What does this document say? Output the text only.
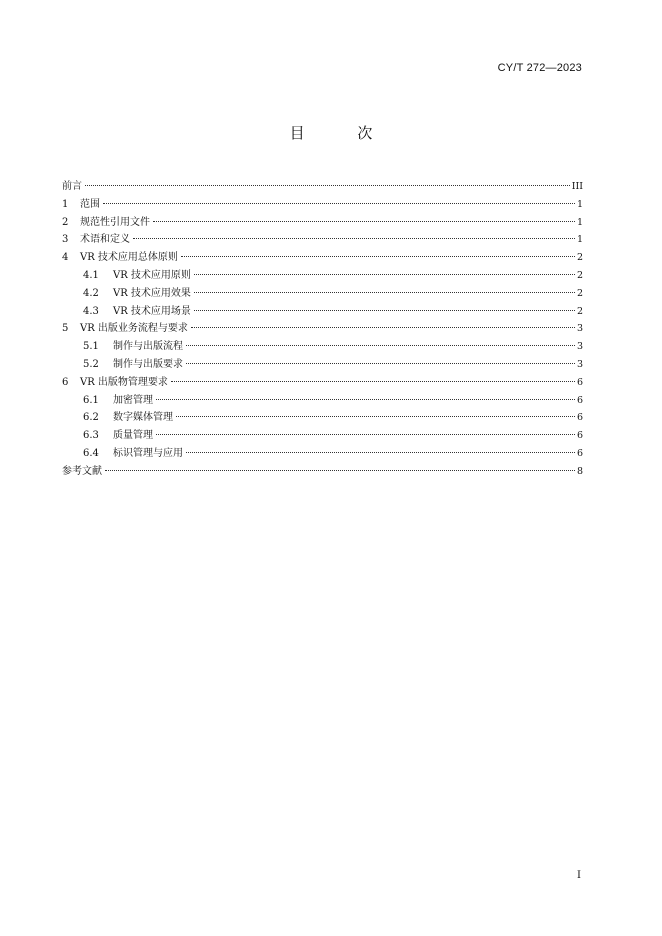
CY/T 272—2023
目 次
前言	III
1	范围	1
2	规范性引用文件	1
3	术语和定义	1
4	VR 技术应用总体原则	2
4.1	VR 技术应用原则	2
4.2	VR 技术应用效果	2
4.3	VR 技术应用场景	2
5	VR 出版业务流程与要求	3
5.1	制作与出版流程	3
5.2	制作与出版要求	3
6	VR 出版物管理要求	6
6.1	加密管理	6
6.2	数字媒体管理	6
6.3	质量管理	6
6.4	标识管理与应用	6
参考文献	8
I
